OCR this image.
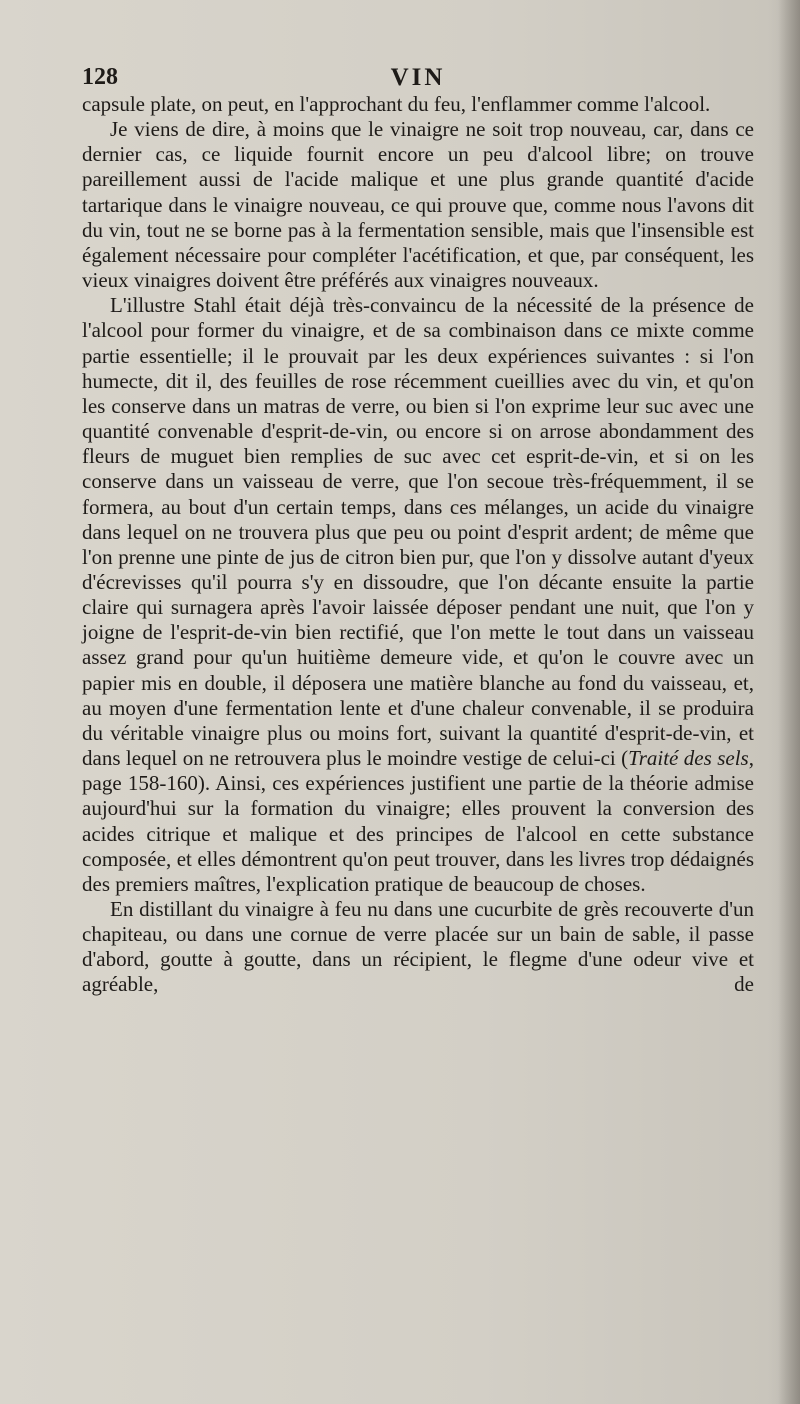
128	VIN

capsule plate, on peut, en l'approchant du feu, l'enflammer comme l'alcool.

Je viens de dire, à moins que le vinaigre ne soit trop nouveau, car, dans ce dernier cas, ce liquide fournit encore un peu d'alcool libre; on trouve pareillement aussi de l'acide malique et une plus grande quantité d'acide tartarique dans le vinaigre nouveau, ce qui prouve que, comme nous l'avons dit du vin, tout ne se borne pas à la fermentation sensible, mais que l'insensible est également nécessaire pour compléter l'acétification, et que, par conséquent, les vieux vinaigres doivent être préférés aux vinaigres nouveaux.

L'illustre Stahl était déjà très-convaincu de la nécessité de la présence de l'alcool pour former du vinaigre, et de sa combinaison dans ce mixte comme partie essentielle; il le prouvait par les deux expériences suivantes : si l'on humecte, dit il, des feuilles de rose récemment cueillies avec du vin, et qu'on les conserve dans un matras de verre, ou bien si l'on exprime leur suc avec une quantité convenable d'esprit-de-vin, ou encore si on arrose abondamment des fleurs de muguet bien remplies de suc avec cet esprit-de-vin, et si on les conserve dans un vaisseau de verre, que l'on secoue très-fréquemment, il se formera, au bout d'un certain temps, dans ces mélanges, un acide du vinaigre dans lequel on ne trouvera plus que peu ou point d'esprit ardent; de même que l'on prenne une pinte de jus de citron bien pur, que l'on y dissolve autant d'yeux d'écrevisses qu'il pourra s'y en dissoudre, que l'on décante ensuite la partie claire qui surnagera après l'avoir laissée déposer pendant une nuit, que l'on y joigne de l'esprit-de-vin bien rectifié, que l'on mette le tout dans un vaisseau assez grand pour qu'un huitième demeure vide, et qu'on le couvre avec un papier mis en double, il déposera une matière blanche au fond du vaisseau, et, au moyen d'une fermentation lente et d'une chaleur convenable, il se produira du véritable vinaigre plus ou moins fort, suivant la quantité d'esprit-de-vin, et dans lequel on ne retrouvera plus le moindre vestige de celui-ci (Traité des sels, page 158-160). Ainsi, ces expériences justifient une partie de la théorie admise aujourd'hui sur la formation du vinaigre; elles prouvent la conversion des acides citrique et malique et des principes de l'alcool en cette substance composée, et elles démontrent qu'on peut trouver, dans les livres trop dédaignés des premiers maîtres, l'explication pratique de beaucoup de choses.

En distillant du vinaigre à feu nu dans une cucurbite de grès recouverte d'un chapiteau, ou dans une cornue de verre placée sur un bain de sable, il passe d'abord, goutte à goutte, dans un récipient, le flegme d'une odeur vive et agréable, de
